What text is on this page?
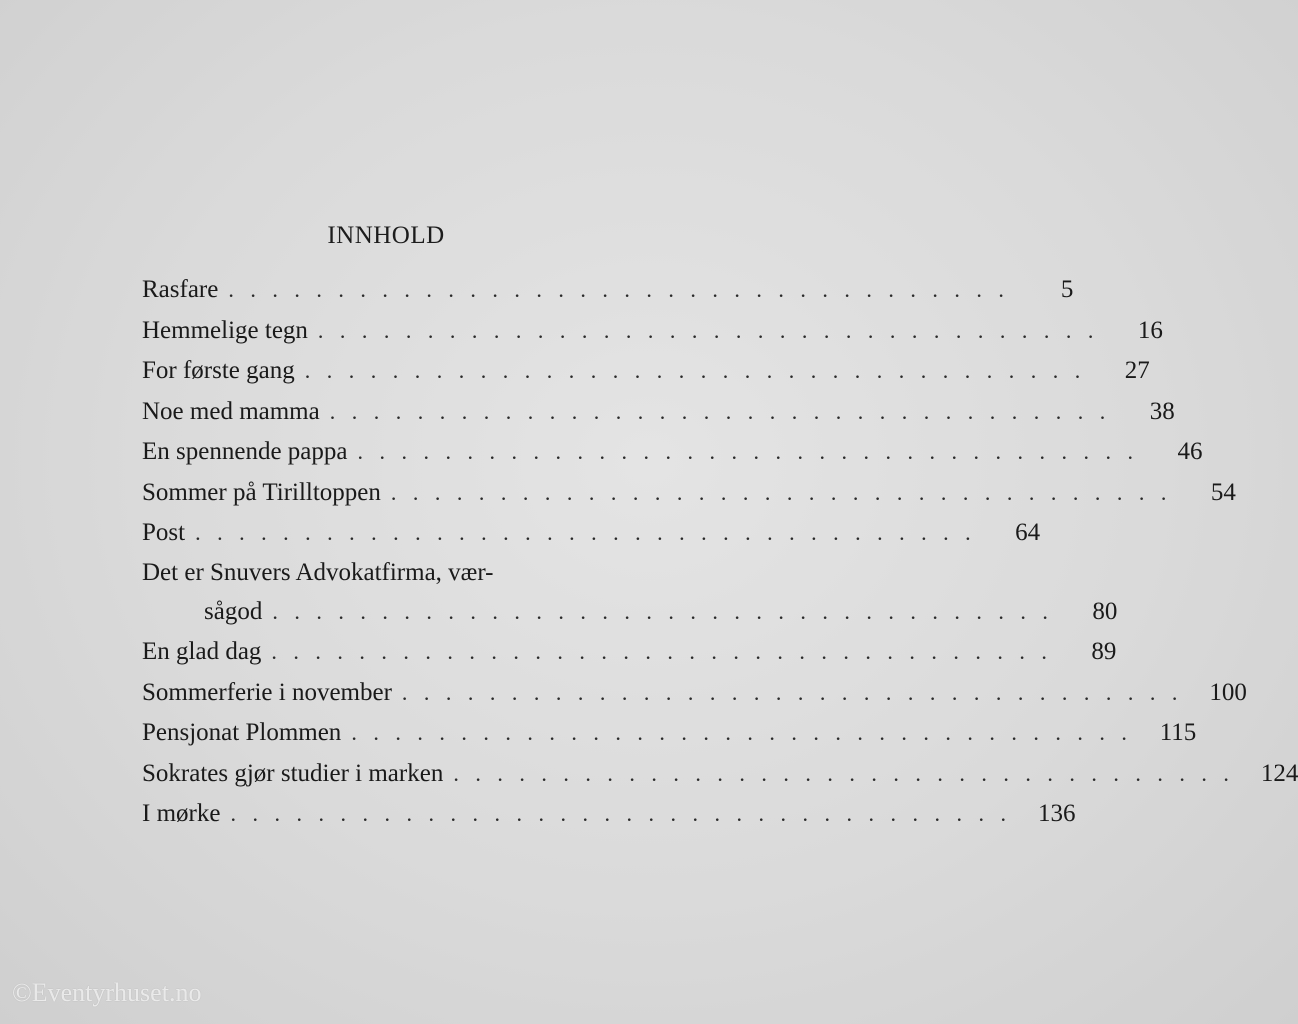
INNHOLD
Rasfare . . . . . . . . . . . . . . . . . . . . . . . . . . . . . . . . . . . .	5
Hemmelige tegn . . . . . . . . . . . . . . . . . . . . . . . . . . . . . . . . . . . .	16
For første gang . . . . . . . . . . . . . . . . . . . . . . . . . . . . . . . . . . . .	27
Noe med mamma . . . . . . . . . . . . . . . . . . . . . . . . . . . . . . . . . . . .	38
En spennende pappa . . . . . . . . . . . . . . . . . . . . . . . . . . . . . . . . . . . .	46
Sommer på Tirilltoppen . . . . . . . . . . . . . . . . . . . . . . . . . . . . . . . . . . . .	54
Post . . . . . . . . . . . . . . . . . . . . . . . . . . . . . . . . . . . .	64
Det er Snuvers Advokatfirma, vær-
sågod . . . . . . . . . . . . . . . . . . . . . . . . . . . . . . . . . . . .	80
En glad dag . . . . . . . . . . . . . . . . . . . . . . . . . . . . . . . . . . . .	89
Sommerferie i november . . . . . . . . . . . . . . . . . . . . . . . . . . . . . . . . . . . .	100
Pensjonat Plommen . . . . . . . . . . . . . . . . . . . . . . . . . . . . . . . . . . . .	115
Sokrates gjør studier i marken . . . . . . . . . . . . . . . . . . . . . . . . . . . . . . . . . . . .	124
I mørke . . . . . . . . . . . . . . . . . . . . . . . . . . . . . . . . . . . .	136
©Eventyrhuset.no
